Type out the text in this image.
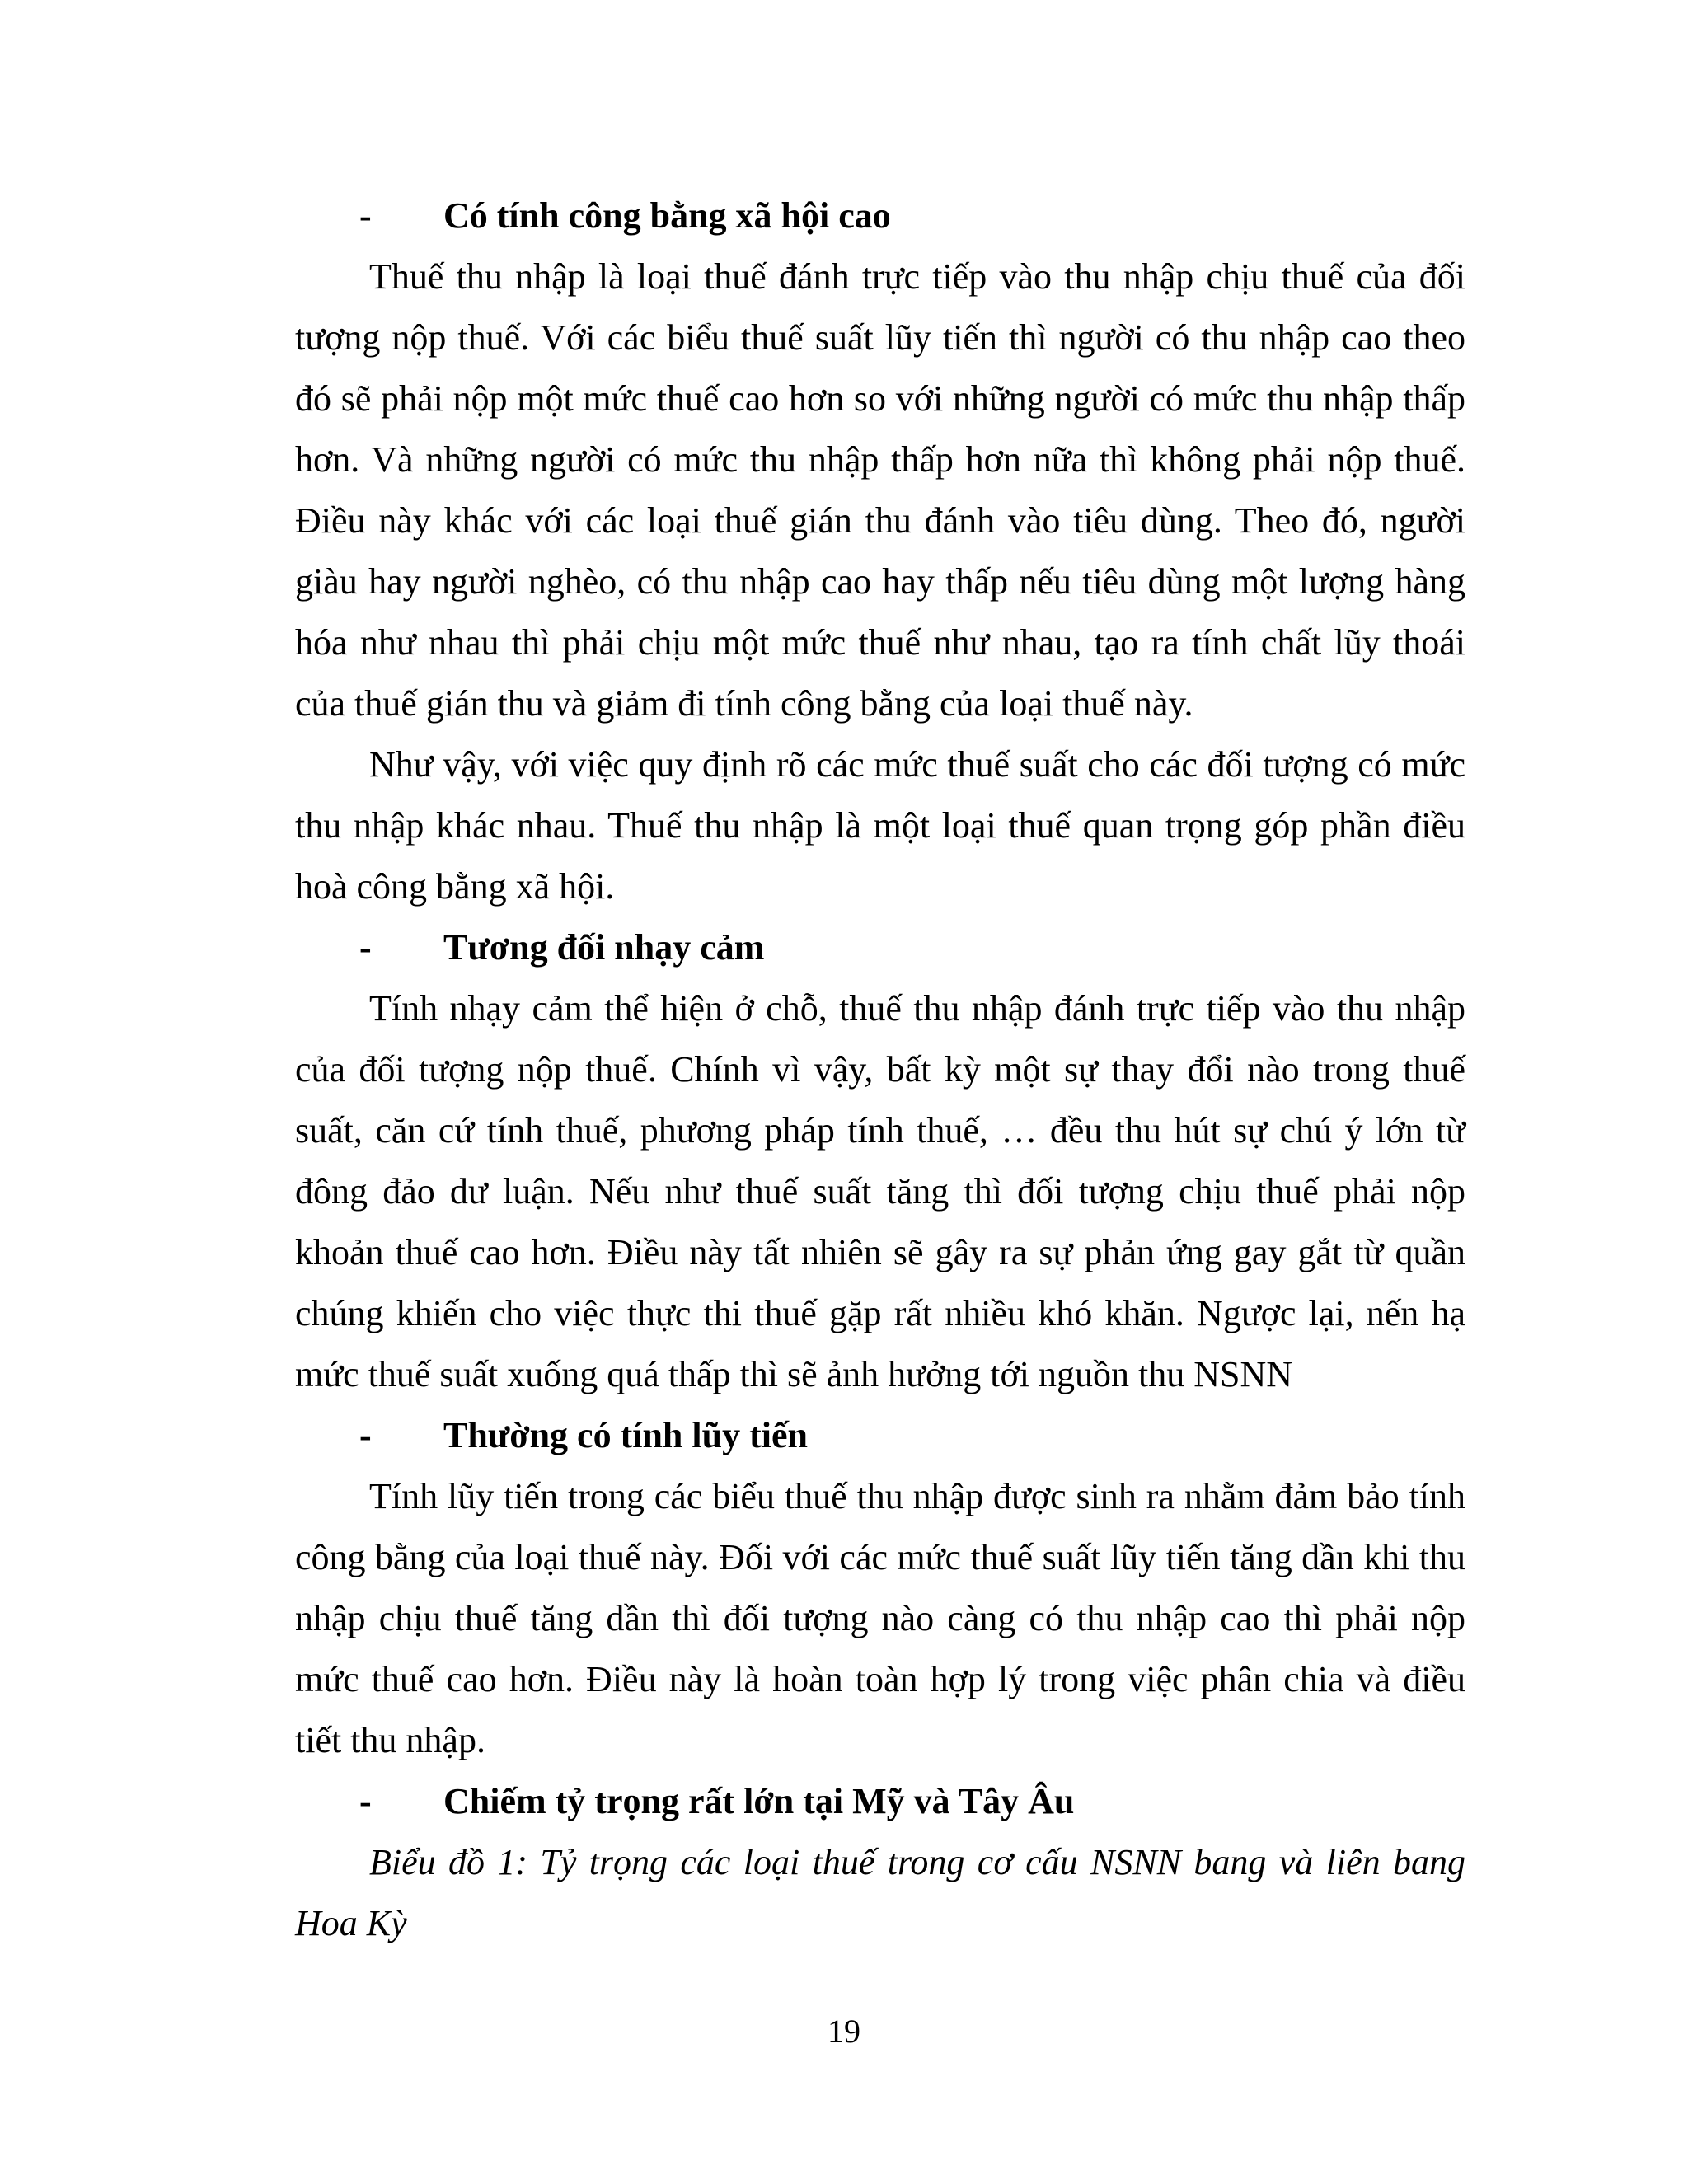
- Có tính công bằng xã hội cao

Thuế thu nhập là loại thuế đánh trực tiếp vào thu nhập chịu thuế của đối tượng nộp thuế. Với các biểu thuế suất lũy tiến thì người có thu nhập cao theo đó sẽ phải nộp một mức thuế cao hơn so với những người có mức thu nhập thấp hơn. Và những người có mức thu nhập thấp hơn nữa thì không phải nộp thuế. Điều này khác với các loại thuế gián thu đánh vào tiêu dùng. Theo đó, người giàu hay người nghèo, có thu nhập cao hay thấp nếu tiêu dùng một lượng hàng hóa như nhau thì phải chịu một mức thuế như nhau, tạo ra tính chất lũy thoái của thuế gián thu và giảm đi tính công bằng của loại thuế này.

Như vậy, với việc quy định rõ các mức thuế suất cho các đối tượng có mức thu nhập khác nhau. Thuế thu nhập là một loại thuế quan trọng góp phần điều hoà công bằng xã hội.

- Tương đối nhạy cảm

Tính nhạy cảm thể hiện ở chỗ, thuế thu nhập đánh trực tiếp vào thu nhập của đối tượng nộp thuế. Chính vì vậy, bất kỳ một sự thay đổi nào trong thuế suất, căn cứ tính thuế, phương pháp tính thuế, … đều thu hút sự chú ý lớn từ đông đảo dư luận. Nếu như thuế suất tăng thì đối tượng chịu thuế phải nộp khoản thuế cao hơn. Điều này tất nhiên sẽ gây ra sự phản ứng gay gắt từ quần chúng khiến cho việc thực thi thuế gặp rất nhiều khó khăn. Ngược lại, nến hạ mức thuế suất xuống quá thấp thì sẽ ảnh hưởng tới nguồn thu NSNN

- Thường có tính lũy tiến

Tính lũy tiến trong các biểu thuế thu nhập được sinh ra nhằm đảm bảo tính công bằng của loại thuế này. Đối với các mức thuế suất lũy tiến tăng dần khi thu nhập chịu thuế tăng dần thì đối tượng nào càng có thu nhập cao thì phải nộp mức thuế cao hơn. Điều này là hoàn toàn hợp lý trong việc phân chia và điều tiết thu nhập.

- Chiếm tỷ trọng rất lớn tại Mỹ và Tây Âu

Biểu đồ 1: Tỷ trọng các loại thuế trong cơ cấu NSNN bang và liên bang Hoa Kỳ

19
